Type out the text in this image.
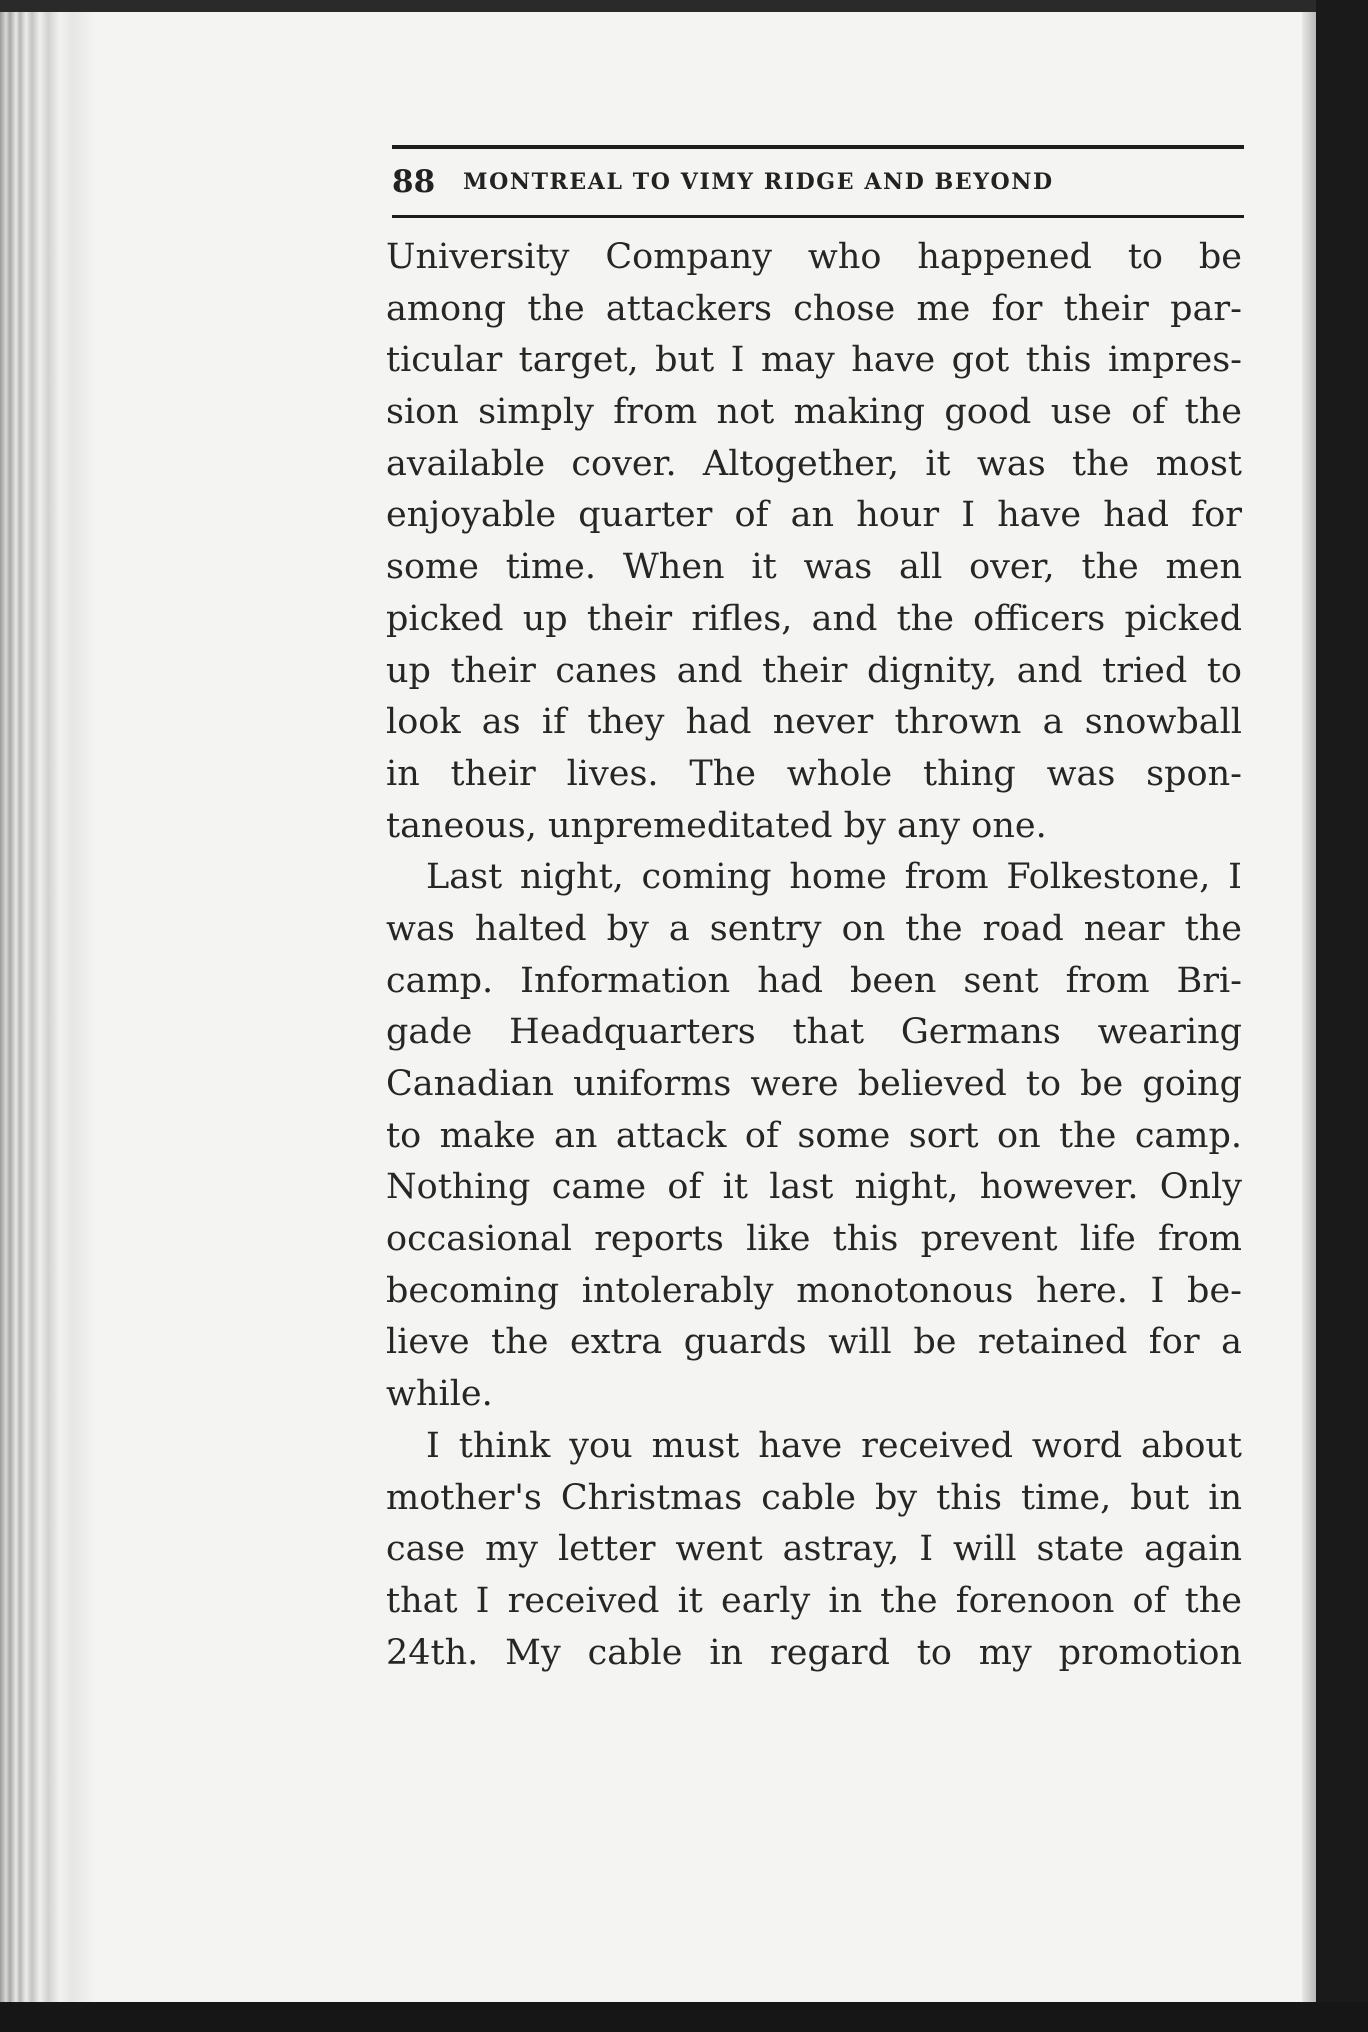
88 MONTREAL TO VIMY RIDGE AND BEYOND
University Company who happened to be
among the attackers chose me for their par-
ticular target, but I may have got this impres-
sion simply from not making good use of the
available cover. Altogether, it was the most
enjoyable quarter of an hour I have had for
some time. When it was all over, the men
picked up their rifles, and the officers picked
up their canes and their dignity, and tried to
look as if they had never thrown a snowball
in their lives. The whole thing was spon-
taneous, unpremeditated by any one.
Last night, coming home from Folkestone, I
was halted by a sentry on the road near the
camp. Information had been sent from Bri-
gade Headquarters that Germans wearing
Canadian uniforms were believed to be going
to make an attack of some sort on the camp.
Nothing came of it last night, however. Only
occasional reports like this prevent life from
becoming intolerably monotonous here. I be-
lieve the extra guards will be retained for a
while.
I think you must have received word about
mother's Christmas cable by this time, but in
case my letter went astray, I will state again
that I received it early in the forenoon of the
24th. My cable in regard to my promotion
